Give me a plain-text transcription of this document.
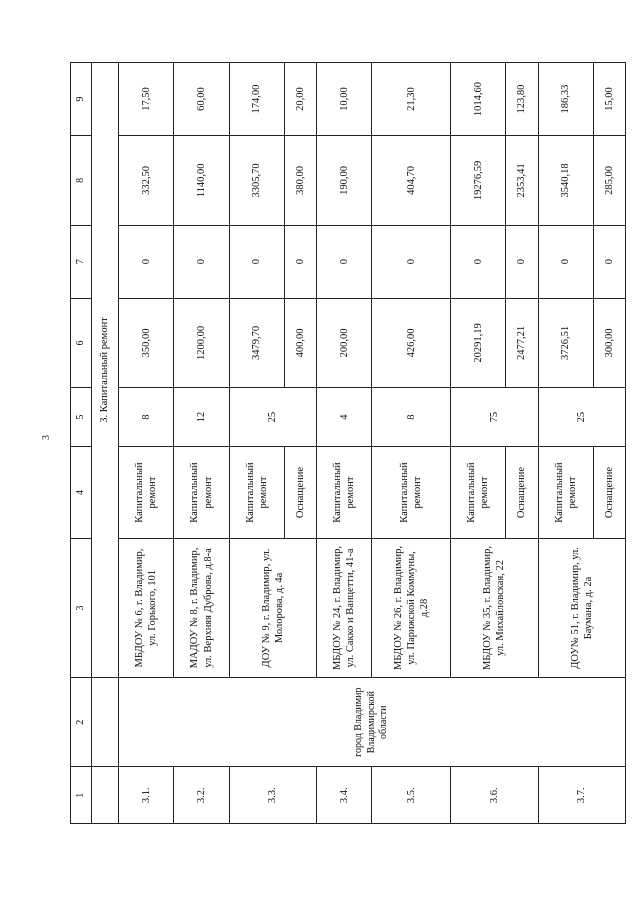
3
1	2	3	4	5	6	7	8	9
		3. Капитальный ремонт						
3.1.	город Владимир Владимирской области	МБДОУ № 6, г. Владимир, ул. Горького, 101	Капитальный ремонт	8	350,00	0	332,50	17,50
3.2.		МАДОУ № 8, г. Владимир, ул. Верхняя Дуброва, д.8-а	Капитальный ремонт	12	1200,00	0	1140,00	60,00
3.3.		ДОУ № 9, г. Владимир, ул. Молорова, д. 4а	Капитальный ремонт	25	3479,70	0	3305,70	174,00
			Оснащение		400,00	0	380,00	20,00
3.4.		МБДОУ № 24, г. Владимир, ул. Сакко и Ванцетти, 41-а	Капитальный ремонт	4	200,00	0	190,00	10,00
3.5.		МБДОУ № 26, г. Владимир, ул. Парижской Коммуны, д.28	Капитальный ремонт	8	426,00	0	404,70	21,30
3.6.		МБДОУ № 35, г. Владимир, ул. Михайловская, 22	Капитальный ремонт	75	20291,19	0	19276,59	1014,60
			Оснащение		2477,21	0	2353,41	123,80
3.7.		ДОУ№ 51, г. Владимир, ул. Баумана, д. 2а	Капитальный ремонт	25	3726,51	0	3540,18	186,33
			Оснащение		300,00	0	285,00	15,00
